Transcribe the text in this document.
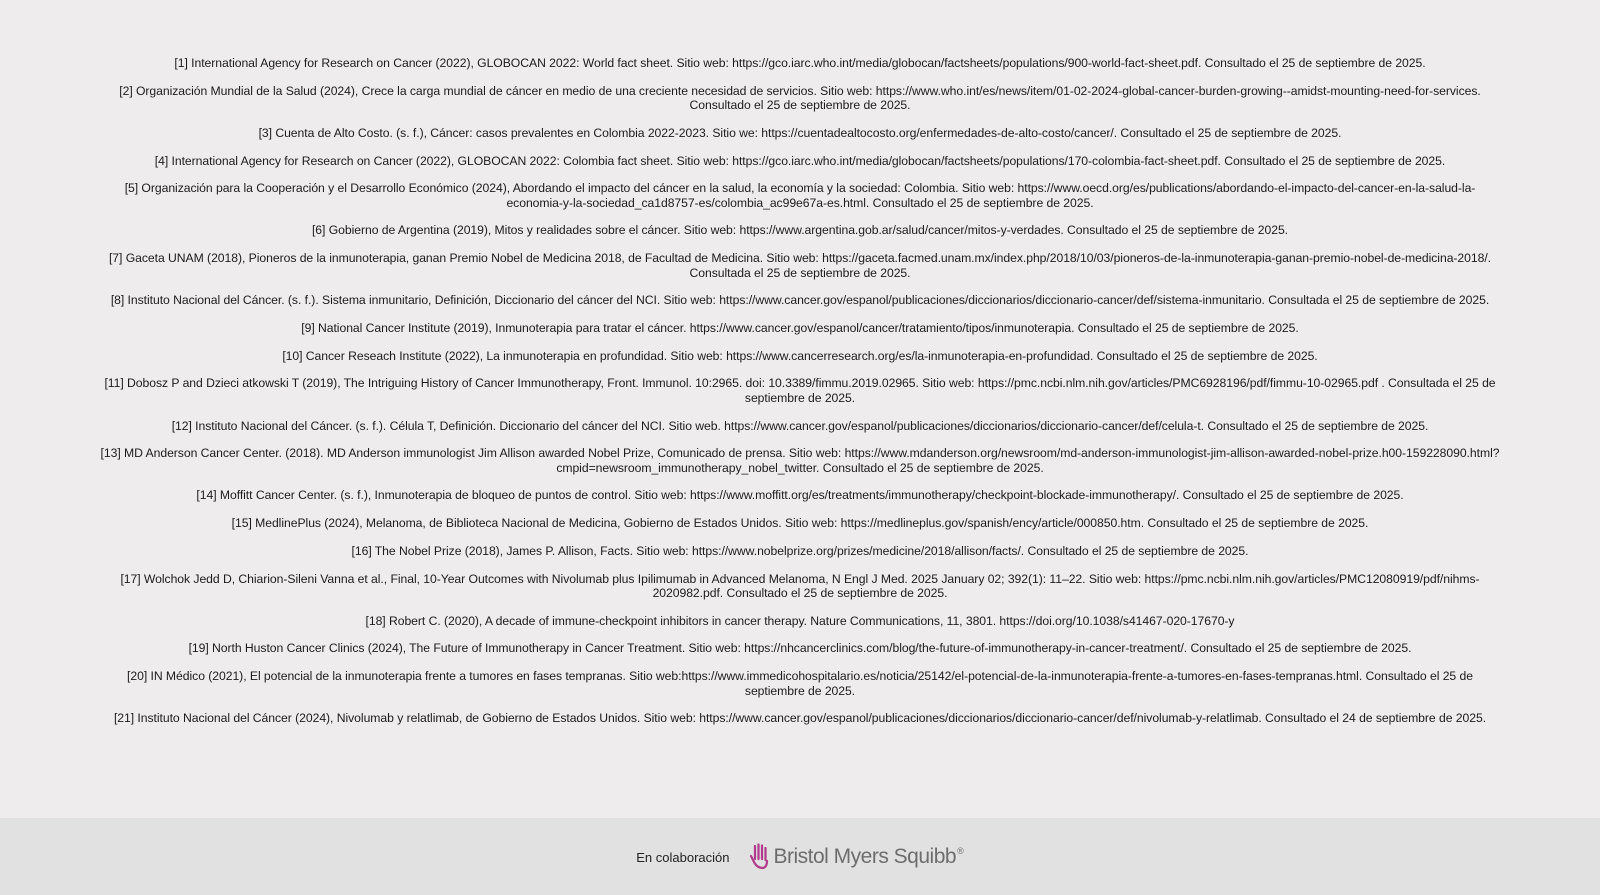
[1] International Agency for Research on Cancer (2022), GLOBOCAN 2022: World fact sheet. Sitio web: https://gco.iarc.who.int/media/globocan/factsheets/populations/900-world-fact-sheet.pdf. Consultado el 25 de septiembre de 2025.
[2] Organización Mundial de la Salud (2024), Crece la carga mundial de cáncer en medio de una creciente necesidad de servicios. Sitio web: https://www.who.int/es/news/item/01-02-2024-global-cancer-burden-growing--amidst-mounting-need-for-services. Consultado el 25 de septiembre de 2025.
[3] Cuenta de Alto Costo. (s. f.), Cáncer: casos prevalentes en Colombia 2022-2023. Sitio we: https://cuentadealtocosto.org/enfermedades-de-alto-costo/cancer/. Consultado el 25 de septiembre de 2025.
[4] International Agency for Research on Cancer (2022), GLOBOCAN 2022: Colombia fact sheet. Sitio web: https://gco.iarc.who.int/media/globocan/factsheets/populations/170-colombia-fact-sheet.pdf. Consultado el 25 de septiembre de 2025.
[5] Organización para la Cooperación y el Desarrollo Económico (2024), Abordando el impacto del cáncer en la salud, la economía y la sociedad: Colombia. Sitio web: https://www.oecd.org/es/publications/abordando-el-impacto-del-cancer-en-la-salud-la-economia-y-la-sociedad_ca1d8757-es/colombia_ac99e67a-es.html. Consultado el 25 de septiembre de 2025.
[6] Gobierno de Argentina (2019), Mitos y realidades sobre el cáncer. Sitio web: https://www.argentina.gob.ar/salud/cancer/mitos-y-verdades. Consultado el 25 de septiembre de 2025.
[7] Gaceta UNAM (2018), Pioneros de la inmunoterapia, ganan Premio Nobel de Medicina 2018, de Facultad de Medicina. Sitio web: https://gaceta.facmed.unam.mx/index.php/2018/10/03/pioneros-de-la-inmunoterapia-ganan-premio-nobel-de-medicina-2018/. Consultada el 25 de septiembre de 2025.
[8] Instituto Nacional del Cáncer. (s. f.). Sistema inmunitario, Definición, Diccionario del cáncer del NCI. Sitio web: https://www.cancer.gov/espanol/publicaciones/diccionarios/diccionario-cancer/def/sistema-inmunitario. Consultada el 25 de septiembre de 2025.
[9] National Cancer Institute (2019), Inmunoterapia para tratar el cáncer. https://www.cancer.gov/espanol/cancer/tratamiento/tipos/inmunoterapia. Consultado el 25 de septiembre de 2025.
[10] Cancer Reseach Institute (2022), La inmunoterapia en profundidad. Sitio web: https://www.cancerresearch.org/es/la-inmunoterapia-en-profundidad. Consultado el 25 de septiembre de 2025.
[11] Dobosz P and Dzieci atkowski T (2019), The Intriguing History of Cancer Immunotherapy, Front. Immunol. 10:2965. doi: 10.3389/fimmu.2019.02965. Sitio web: https://pmc.ncbi.nlm.nih.gov/articles/PMC6928196/pdf/fimmu-10-02965.pdf . Consultada el 25 de septiembre de 2025.
[12] Instituto Nacional del Cáncer. (s. f.). Célula T, Definición. Diccionario del cáncer del NCI. Sitio web. https://www.cancer.gov/espanol/publicaciones/diccionarios/diccionario-cancer/def/celula-t. Consultado el 25 de septiembre de 2025.
[13] MD Anderson Cancer Center. (2018). MD Anderson immunologist Jim Allison awarded Nobel Prize, Comunicado de prensa. Sitio web: https://www.mdanderson.org/newsroom/md-anderson-immunologist-jim-allison-awarded-nobel-prize.h00-159228090.html?cmpid=newsroom_immunotherapy_nobel_twitter. Consultado el 25 de septiembre de 2025.
[14] Moffitt Cancer Center. (s. f.), Inmunoterapia de bloqueo de puntos de control. Sitio web: https://www.moffitt.org/es/treatments/immunotherapy/checkpoint-blockade-immunotherapy/. Consultado el 25 de septiembre de 2025.
[15] MedlinePlus (2024), Melanoma, de Biblioteca Nacional de Medicina, Gobierno de Estados Unidos. Sitio web: https://medlineplus.gov/spanish/ency/article/000850.htm. Consultado el 25 de septiembre de 2025.
[16] The Nobel Prize (2018), James P. Allison, Facts. Sitio web: https://www.nobelprize.org/prizes/medicine/2018/allison/facts/. Consultado el 25 de septiembre de 2025.
[17] Wolchok Jedd D, Chiarion-Sileni Vanna et al., Final, 10-Year Outcomes with Nivolumab plus Ipilimumab in Advanced Melanoma, N Engl J Med. 2025 January 02; 392(1): 11–22. Sitio web: https://pmc.ncbi.nlm.nih.gov/articles/PMC12080919/pdf/nihms-2020982.pdf. Consultado el 25 de septiembre de 2025.
[18] Robert C. (2020), A decade of immune-checkpoint inhibitors in cancer therapy. Nature Communications, 11, 3801. https://doi.org/10.1038/s41467-020-17670-y
[19] North Huston Cancer Clinics (2024), The Future of Immunotherapy in Cancer Treatment. Sitio web: https://nhcancerclinics.com/blog/the-future-of-immunotherapy-in-cancer-treatment/. Consultado el 25 de septiembre de 2025.
[20] IN Médico (2021), El potencial de la inmunoterapia frente a tumores en fases tempranas. Sitio web:https://www.immedicohospitalario.es/noticia/25142/el-potencial-de-la-inmunoterapia-frente-a-tumores-en-fases-tempranas.html. Consultado el 25 de septiembre de 2025.
[21] Instituto Nacional del Cáncer (2024), Nivolumab y relatlimab, de Gobierno de Estados Unidos. Sitio web: https://www.cancer.gov/espanol/publicaciones/diccionarios/diccionario-cancer/def/nivolumab-y-relatlimab. Consultado el 24 de septiembre de 2025.
En colaboración Bristol Myers Squibb ®
